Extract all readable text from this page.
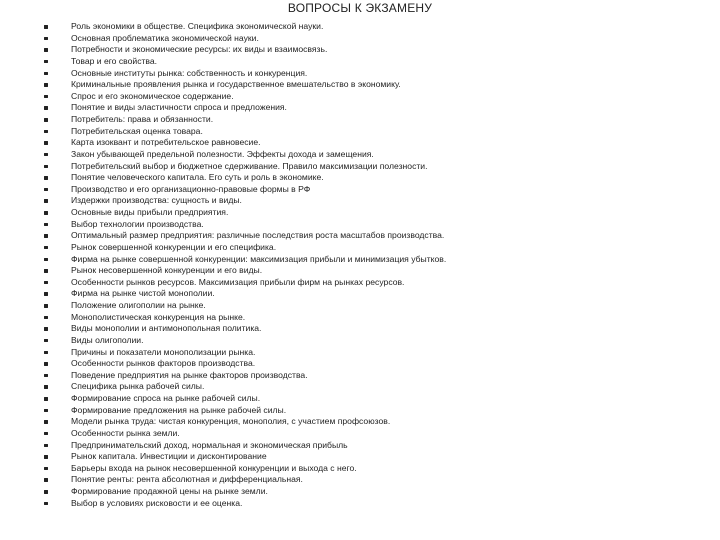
ВОПРОСЫ К ЭКЗАМЕНУ
Роль экономики в обществе. Специфика экономической науки.
Основная проблематика экономической науки.
Потребности и экономические ресурсы: их виды и взаимосвязь.
Товар и его свойства.
Основные институты рынка: собственность и конкуренция.
Криминальные проявления рынка и государственное вмешательство в экономику.
Спрос и его экономическое содержание.
Понятие и виды эластичности спроса и предложения.
Потребитель: права и обязанности.
Потребительская оценка товара.
Карта изоквант и потребительское равновесие.
Закон убывающей предельной полезности. Эффекты дохода и замещения.
Потребительский выбор и бюджетное сдерживание. Правило максимизации полезности.
Понятие человеческого капитала. Его суть и роль в экономике.
Производство и его организационно-правовые формы в РФ
Издержки производства: сущность и виды.
Основные виды прибыли предприятия.
Выбор технологии производства.
Оптимальный размер предприятия: различные последствия роста масштабов производства.
Рынок совершенной конкуренции и его специфика.
Фирма на рынке совершенной конкуренции: максимизация прибыли и минимизация убытков.
Рынок несовершенной конкуренции и его виды.
Особенности рынков ресурсов. Максимизация прибыли фирм на рынках ресурсов.
Фирма на рынке чистой монополии.
Положение олигополии на рынке.
Монополистическая конкуренция на рынке.
Виды монополии и антимонопольная политика.
Виды олигополии.
Причины и показатели монополизации рынка.
Особенности рынков факторов производства.
Поведение предприятия на рынке факторов производства.
Специфика рынка рабочей силы.
Формирование спроса на рынке рабочей силы.
Формирование предложения на рынке рабочей силы.
Модели рынка труда: чистая конкуренция, монополия, с участием профсоюзов.
Особенности рынка земли.
Предпринимательский доход, нормальная и экономическая прибыль
Рынок капитала. Инвестиции и дисконтирование
Барьеры входа на рынок несовершенной конкуренции и выхода с него.
Понятие ренты: рента абсолютная и дифференциальная.
Формирование продажной цены на рынке земли.
Выбор в условиях рисковости и ее оценка.
